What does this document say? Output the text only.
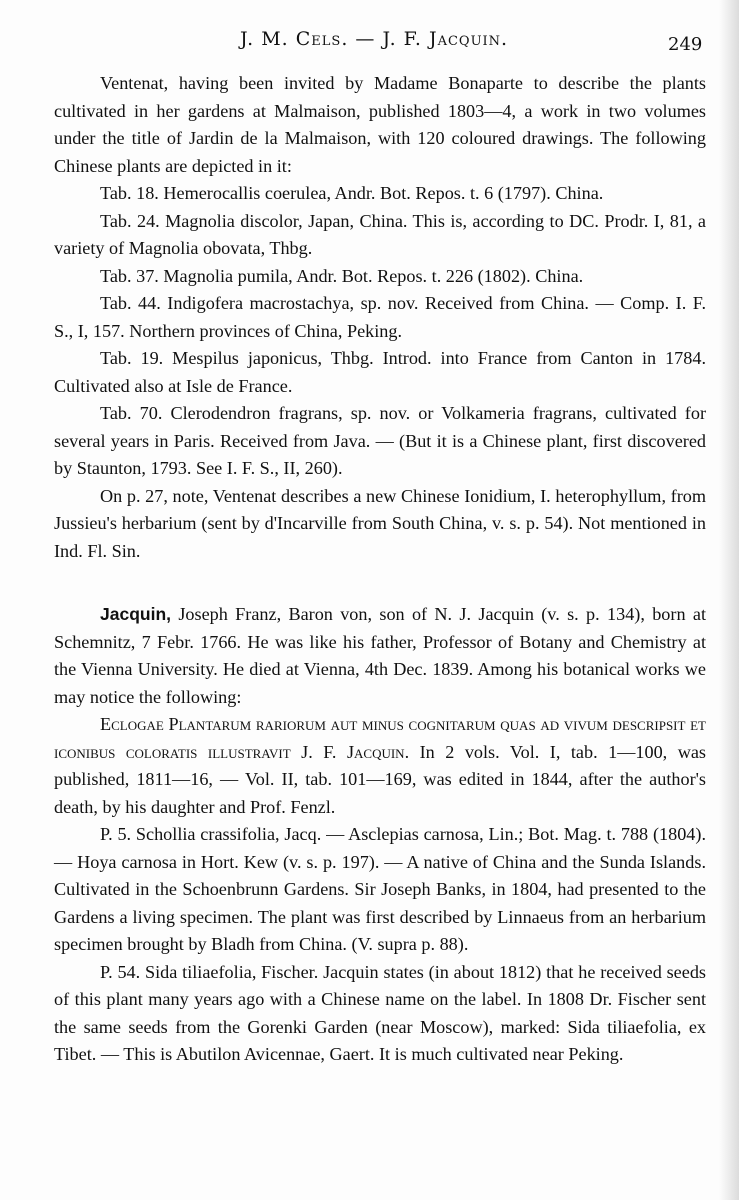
J. M. Cels. — J. F. Jacquin.	249

Ventenat, having been invited by Madame Bonaparte to describe the plants cultivated in her gardens at Malmaison, published 1803—4, a work in two volumes under the title of Jardin de la Malmaison, with 120 coloured drawings. The following Chinese plants are depicted in it:

Tab. 18. Hemerocallis coerulea, Andr. Bot. Repos. t. 6 (1797). China.

Tab. 24. Magnolia discolor, Japan, China. This is, according to DC. Prodr. I, 81, a variety of Magnolia obovata, Thbg.

Tab. 37. Magnolia pumila, Andr. Bot. Repos. t. 226 (1802). China.

Tab. 44. Indigofera macrostachya, sp. nov. Received from China. — Comp. I. F. S., I, 157. Northern provinces of China, Peking.

Tab. 19. Mespilus japonicus, Thbg. Introd. into France from Canton in 1784. Cultivated also at Isle de France.

Tab. 70. Clerodendron fragrans, sp. nov. or Volkameria fragrans, cultivated for several years in Paris. Received from Java. — (But it is a Chinese plant, first discovered by Staunton, 1793. See I. F. S., II, 260).

On p. 27, note, Ventenat describes a new Chinese Ionidium, I. heterophyllum, from Jussieu's herbarium (sent by d'Incarville from South China, v. s. p. 54). Not mentioned in Ind. Fl. Sin.

Jacquin, Joseph Franz, Baron von, son of N. J. Jacquin (v. s. p. 134), born at Schemnitz, 7 Febr. 1766. He was like his father, Professor of Botany and Chemistry at the Vienna University. He died at Vienna, 4th Dec. 1839. Among his botanical works we may notice the following:

Eclogae Plantarum rariorum aut minus cognitarum quas ad vivum descripsit et iconibus coloratis illustravit J. F. Jacquin. In 2 vols. Vol. I, tab. 1—100, was published, 1811—16, — Vol. II, tab. 101—169, was edited in 1844, after the author's death, by his daughter and Prof. Fenzl.

P. 5. Schollia crassifolia, Jacq. — Asclepias carnosa, Lin.; Bot. Mag. t. 788 (1804). — Hoya carnosa in Hort. Kew (v. s. p. 197). — A native of China and the Sunda Islands. Cultivated in the Schoenbrunn Gardens. Sir Joseph Banks, in 1804, had presented to the Gardens a living specimen. The plant was first described by Linnaeus from an herbarium specimen brought by Bladh from China. (V. supra p. 88).

P. 54. Sida tiliaefolia, Fischer. Jacquin states (in about 1812) that he received seeds of this plant many years ago with a Chinese name on the label. In 1808 Dr. Fischer sent the same seeds from the Gorenki Garden (near Moscow), marked: Sida tiliaefolia, ex Tibet. — This is Abutilon Avicennae, Gaert. It is much cultivated near Peking.
